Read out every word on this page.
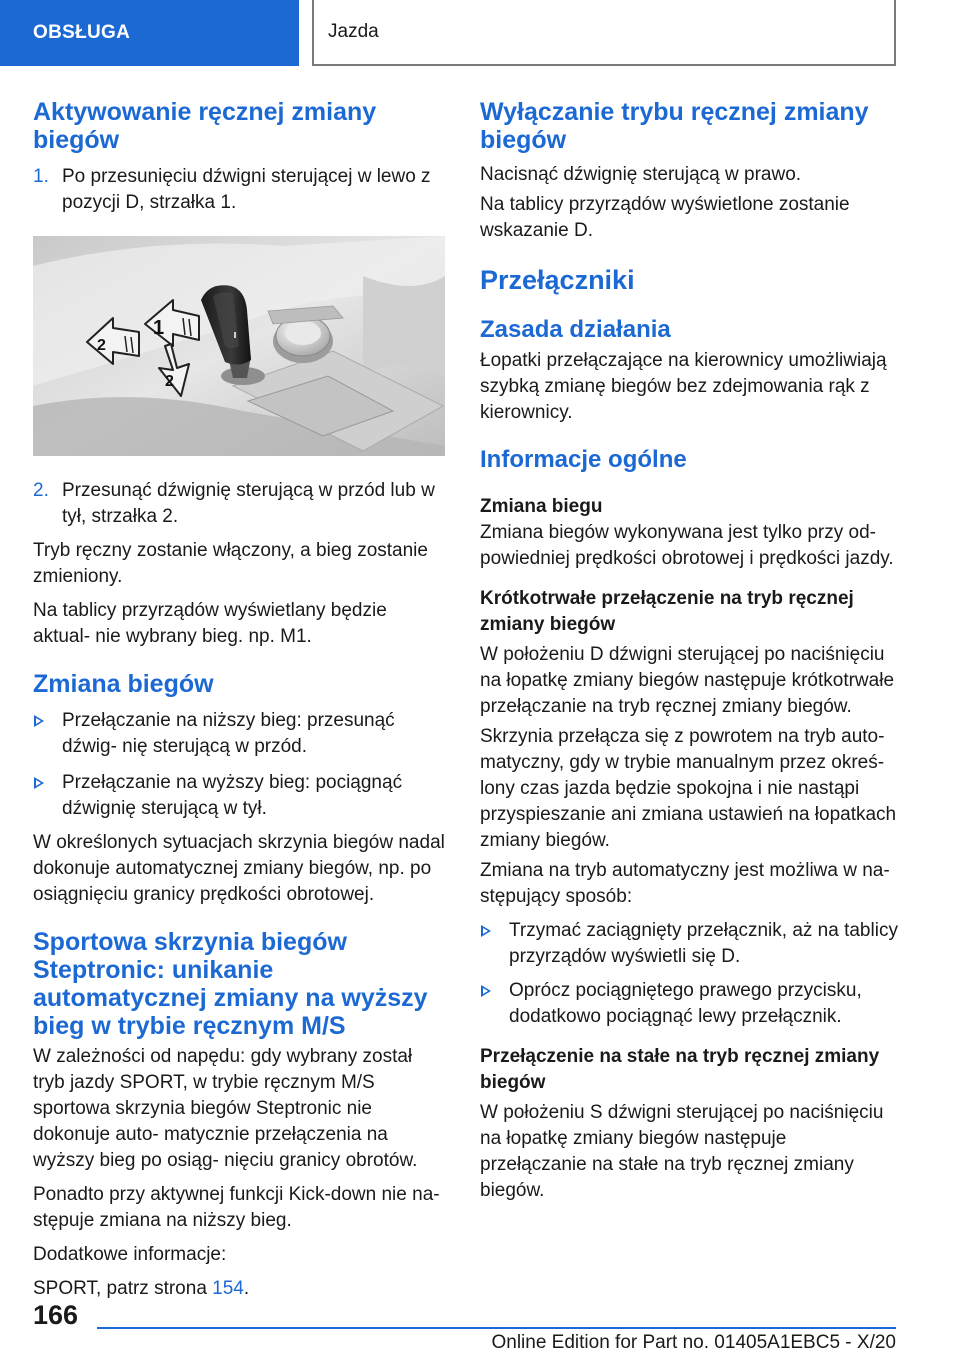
OBSŁUGA	Jazda
Aktywowanie ręcznej zmiany biegów
1. Po przesunięciu dźwigni sterującej w lewo z pozycji D, strzałka 1.
1
2
2
2. Przesunąć dźwignię sterującą w przód lub w tył, strzałka 2.

Tryb ręczny zostanie włączony, a bieg zostanie zmieniony.

Na tablicy przyrządów wyświetlany będzie aktual- nie wybrany bieg. np. M1.

Zmiana biegów
Przełączanie na niższy bieg: przesunąć dźwig- nię sterującą w przód.
Przełączanie na wyższy bieg: pociągnąć dźwignię sterującą w tył.

W określonych sytuacjach skrzynia biegów nadal dokonuje automatycznej zmiany biegów, np. po osiągnięciu granicy prędkości obrotowej.

Sportowa skrzynia biegów Steptronic: unikanie automatycznej zmiany na wyższy bieg w trybie ręcznym M/S

W zależności od napędu: gdy wybrany został tryb jazdy SPORT, w trybie ręcznym M/S sportowa skrzynia biegów Steptronic nie dokonuje auto- matycznie przełączenia na wyższy bieg po osiąg- nięciu granicy obrotów.

Ponadto przy aktywnej funkcji Kick-down nie na- stępuje zmiana na niższy bieg.

Dodatkowe informacje:

SPORT, patrz strona 154.

Wyłączanie trybu ręcznej zmiany biegów

Nacisnąć dźwignię sterującą w prawo.

Na tablicy przyrządów wyświetlone zostanie wskazanie D.

Przełączniki
Zasada działania

Łopatki przełączające na kierownicy umożliwiają szybką zmianę biegów bez zdejmowania rąk z kierownicy.

Informacje ogólne
Zmiana biegu

Zmiana biegów wykonywana jest tylko przy od- powiedniej prędkości obrotowej i prędkości jazdy.

Krótkotrwałe przełączenie na tryb ręcznej zmiany biegów

W położeniu D dźwigni sterującej po naciśnięciu na łopatkę zmiany biegów następuje krótkotrwałe przełączanie na tryb ręcznej zmiany biegów.

Skrzynia przełącza się z powrotem na tryb auto- matyczny, gdy w trybie manualnym przez okreś- lony czas jazda będzie spokojna i nie nastąpi przyspieszanie ani zmiana ustawień na łopatkach zmiany biegów.

Zmiana na tryb automatyczny jest możliwa w na- stępujący sposób:

Trzymać zaciągnięty przełącznik, aż na tablicy przyrządów wyświetli się D.
Oprócz pociągniętego prawego przycisku, dodatkowo pociągnąć lewy przełącznik.
Przełączenie na stałe na tryb ręcznej zmiany biegów

W położeniu S dźwigni sterującej po naciśnięciu na łopatkę zmiany biegów następuje przełączanie na stałe na tryb ręcznej zmiany biegów.

166
Online Edition for Part no. 01405A1EBC5 - X/20
